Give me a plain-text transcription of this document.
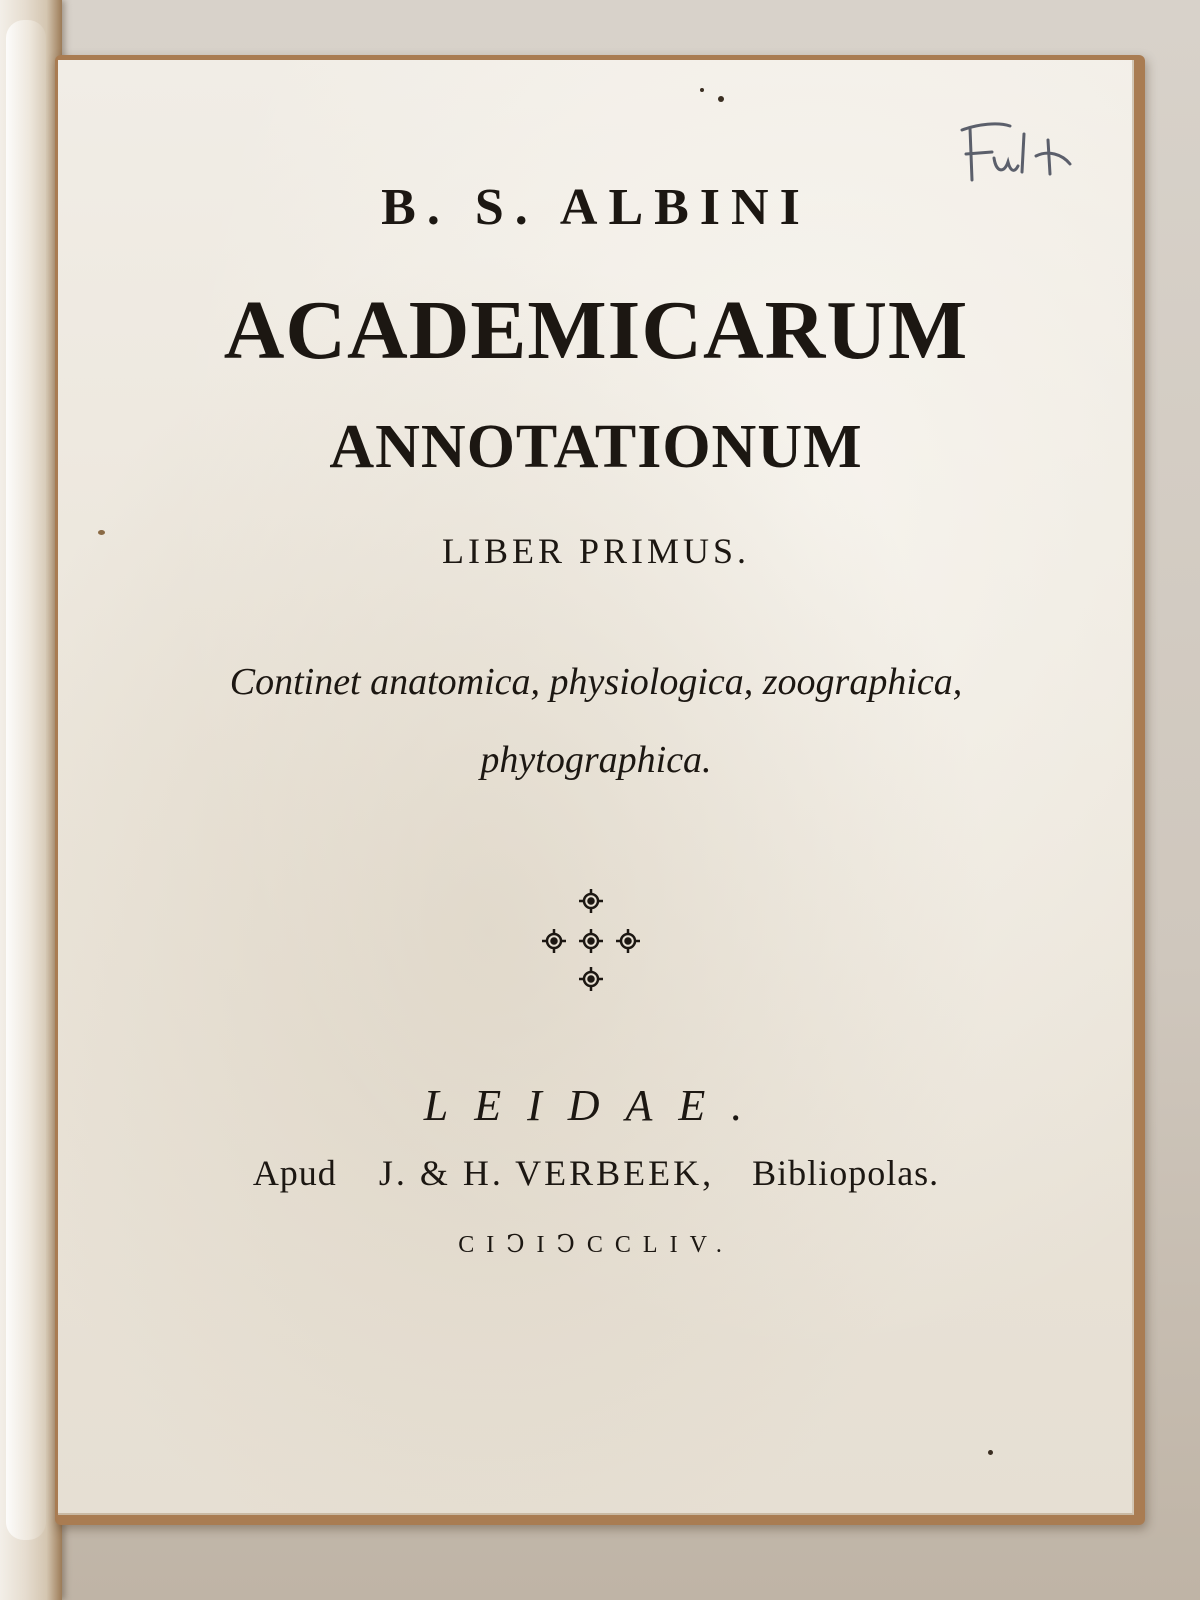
B. S. ALBINI
ACADEMICARUM
ANNOTATIONUM
LIBER PRIMUS.
Continet anatomica, physiologica, zoographica,
phytographica.
LEIDAE.
Apud J. & H. VERBEEK, Bibliopolas.
CIↃIↃCCLIV.
